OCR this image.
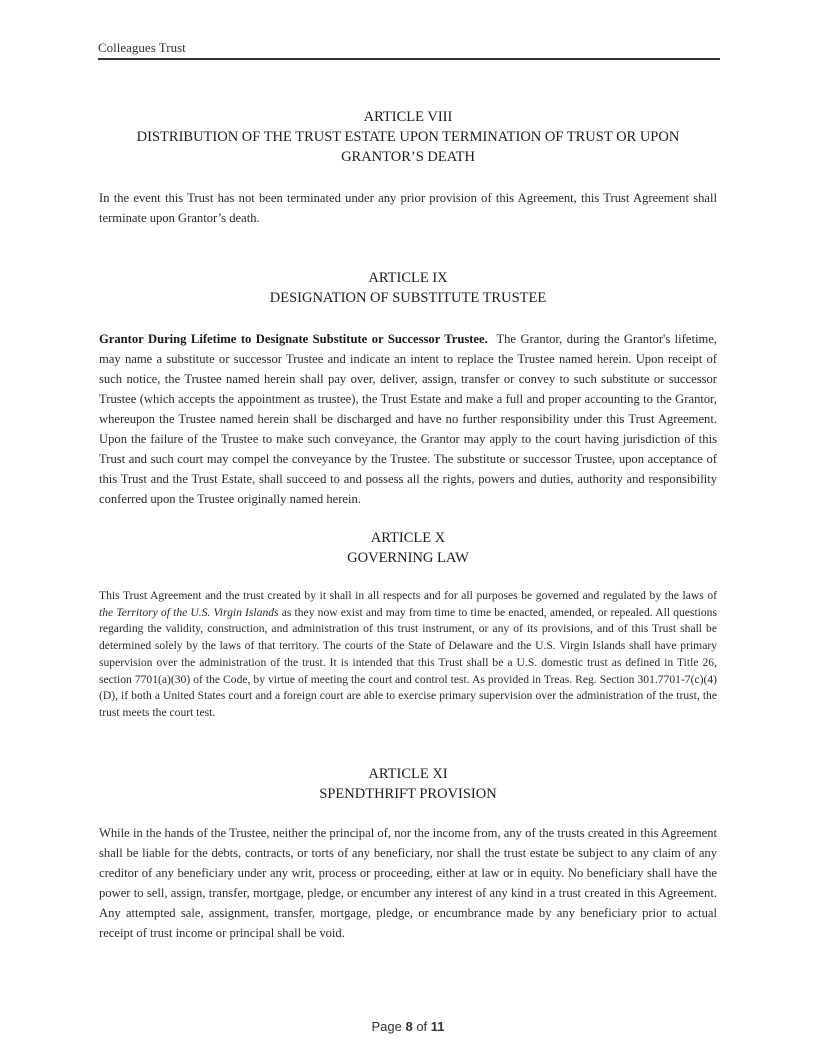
Colleagues Trust

ARTICLE VIII

DISTRIBUTION OF THE TRUST ESTATE UPON TERMINATION OF TRUST OR UPON

GRANTOR’S DEATH

In the event this Trust has not been terminated under any prior provision of this Agreement, this Trust Agreement shall terminate upon Grantor’s death.

ARTICLE IX

DESIGNATION OF SUBSTITUTE TRUSTEE

Grantor During Lifetime to Designate Substitute or Successor Trustee. The Grantor, during the Grantor's lifetime, may name a substitute or successor Trustee and indicate an intent to replace the Trustee named herein. Upon receipt of such notice, the Trustee named herein shall pay over, deliver, assign, transfer or convey to such substitute or successor Trustee (which accepts the appointment as trustee), the Trust Estate and make a full and proper accounting to the Grantor, whereupon the Trustee named herein shall be discharged and have no further responsibility under this Trust Agreement. Upon the failure of the Trustee to make such conveyance, the Grantor may apply to the court having jurisdiction of this Trust and such court may compel the conveyance by the Trustee. The substitute or successor Trustee, upon acceptance of this Trust and the Trust Estate, shall succeed to and possess all the rights, powers and duties, authority and responsibility conferred upon the Trustee originally named herein.

ARTICLE X

GOVERNING LAW

This Trust Agreement and the trust created by it shall in all respects and for all purposes be governed and regulated by the laws of the Territory of the U.S. Virgin Islands as they now exist and may from time to time be enacted, amended, or repealed. All questions regarding the validity, construction, and administration of this trust instrument, or any of its provisions, and of this Trust shall be determined solely by the laws of that territory. The courts of the State of Delaware and the U.S. Virgin Islands shall have primary supervision over the administration of the trust. It is intended that this Trust shall be a U.S. domestic trust as defined in Title 26, section 7701(a)(30) of the Code, by virtue of meeting the court and control test. As provided in Treas. Reg. Section 301.7701-7(c)(4)(D), if both a United States court and a foreign court are able to exercise primary supervision over the administration of the trust, the trust meets the court test.

ARTICLE XI

SPENDTHRIFT PROVISION

While in the hands of the Trustee, neither the principal of, nor the income from, any of the trusts created in this Agreement shall be liable for the debts, contracts, or torts of any beneficiary, nor shall the trust estate be subject to any claim of any creditor of any beneficiary under any writ, process or proceeding, either at law or in equity. No beneficiary shall have the power to sell, assign, transfer, mortgage, pledge, or encumber any interest of any kind in a trust created in this Agreement. Any attempted sale, assignment, transfer, mortgage, pledge, or encumbrance made by any beneficiary prior to actual receipt of trust income or principal shall be void.

Page 8 of 11
